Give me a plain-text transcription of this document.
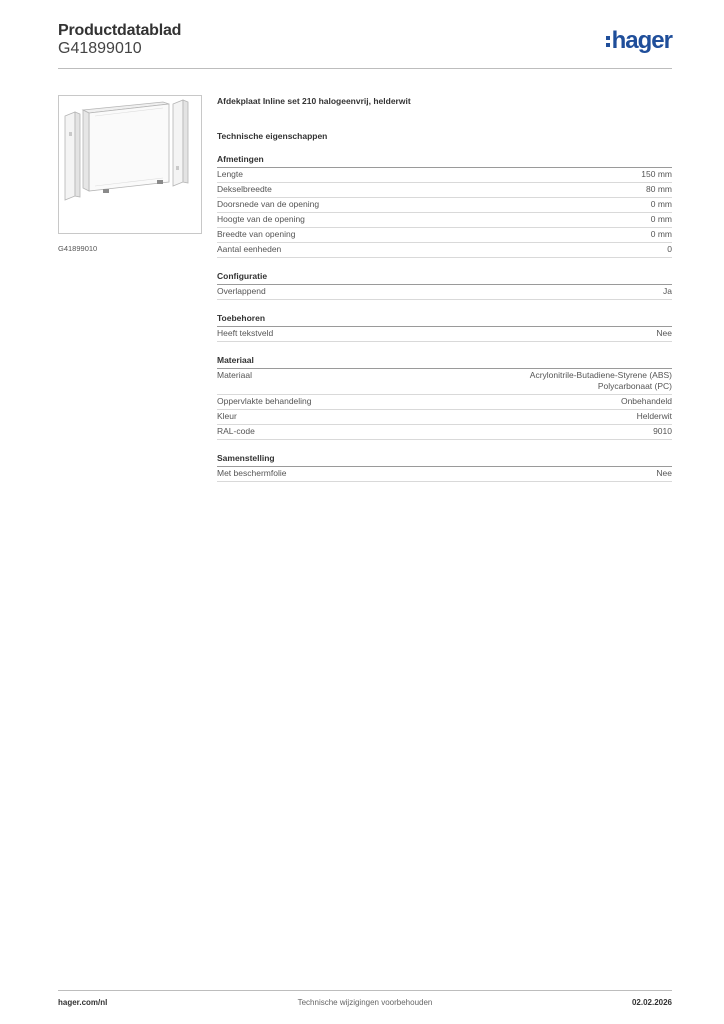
Productdatablad
G41899010	hager
G41899010
Afdekplaat Inline set 210 halogeenvrij, helderwit
Technische eigenschappen
Afmetingen
Lengte	150 mm
Dekselbreedte	80 mm
Doorsnede van de opening	0 mm
Hoogte van de opening	0 mm
Breedte van opening	0 mm
Aantal eenheden	0
Configuratie
Overlappend	Ja
Toebehoren
Heeft tekstveld	Nee
Materiaal
Materiaal	Acrylonitrile-Butadiene-Styrene (ABS)
Polycarbonaat (PC)
Oppervlakte behandeling	Onbehandeld
Kleur	Helderwit
RAL-code	9010
Samenstelling
Met beschermfolie	Nee
hager.com/nl	Technische wijzigingen voorbehouden	02.02.2026
